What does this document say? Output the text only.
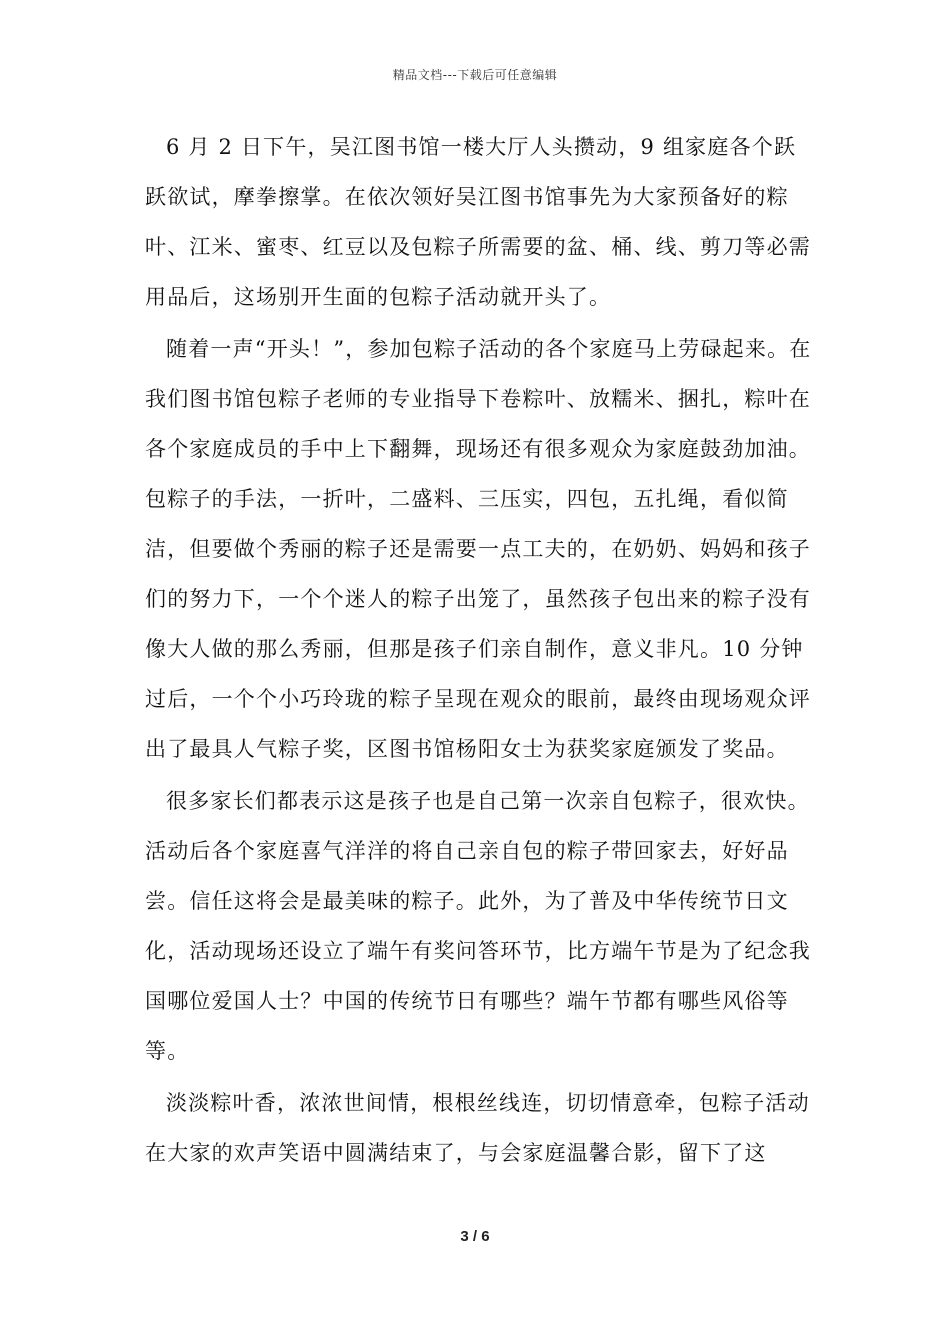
精品文档---下载后可任意编辑

6 月 2 日下午，吴江图书馆一楼大厅人头攒动，9 组家庭各个跃跃欲试，摩拳擦掌。在依次领好吴江图书馆事先为大家预备好的粽叶、江米、蜜枣、红豆以及包粽子所需要的盆、桶、线、剪刀等必需用品后，这场别开生面的包粽子活动就开头了。

随着一声“开头！”，参加包粽子活动的各个家庭马上劳碌起来。在我们图书馆包粽子老师的专业指导下卷粽叶、放糯米、捆扎，粽叶在各个家庭成员的手中上下翻舞，现场还有很多观众为家庭鼓劲加油。包粽子的手法，一折叶，二盛料、三压实，四包，五扎绳，看似简洁，但要做个秀丽的粽子还是需要一点工夫的，在奶奶、妈妈和孩子们的努力下，一个个迷人的粽子出笼了，虽然孩子包出来的粽子没有像大人做的那么秀丽，但那是孩子们亲自制作，意义非凡。10 分钟过后，一个个小巧玲珑的粽子呈现在观众的眼前，最终由现场观众评出了最具人气粽子奖，区图书馆杨阳女士为获奖家庭颁发了奖品。

很多家长们都表示这是孩子也是自己第一次亲自包粽子，很欢快。活动后各个家庭喜气洋洋的将自己亲自包的粽子带回家去，好好品尝。信任这将会是最美味的粽子。此外，为了普及中华传统节日文化，活动现场还设立了端午有奖问答环节，比方端午节是为了纪念我国哪位爱国人士？中国的传统节日有哪些？端午节都有哪些风俗等等。

淡淡粽叶香，浓浓世间情，根根丝线连，切切情意牵，包粽子活动在大家的欢声笑语中圆满结束了，与会家庭温馨合影，留下了这

3 / 6
